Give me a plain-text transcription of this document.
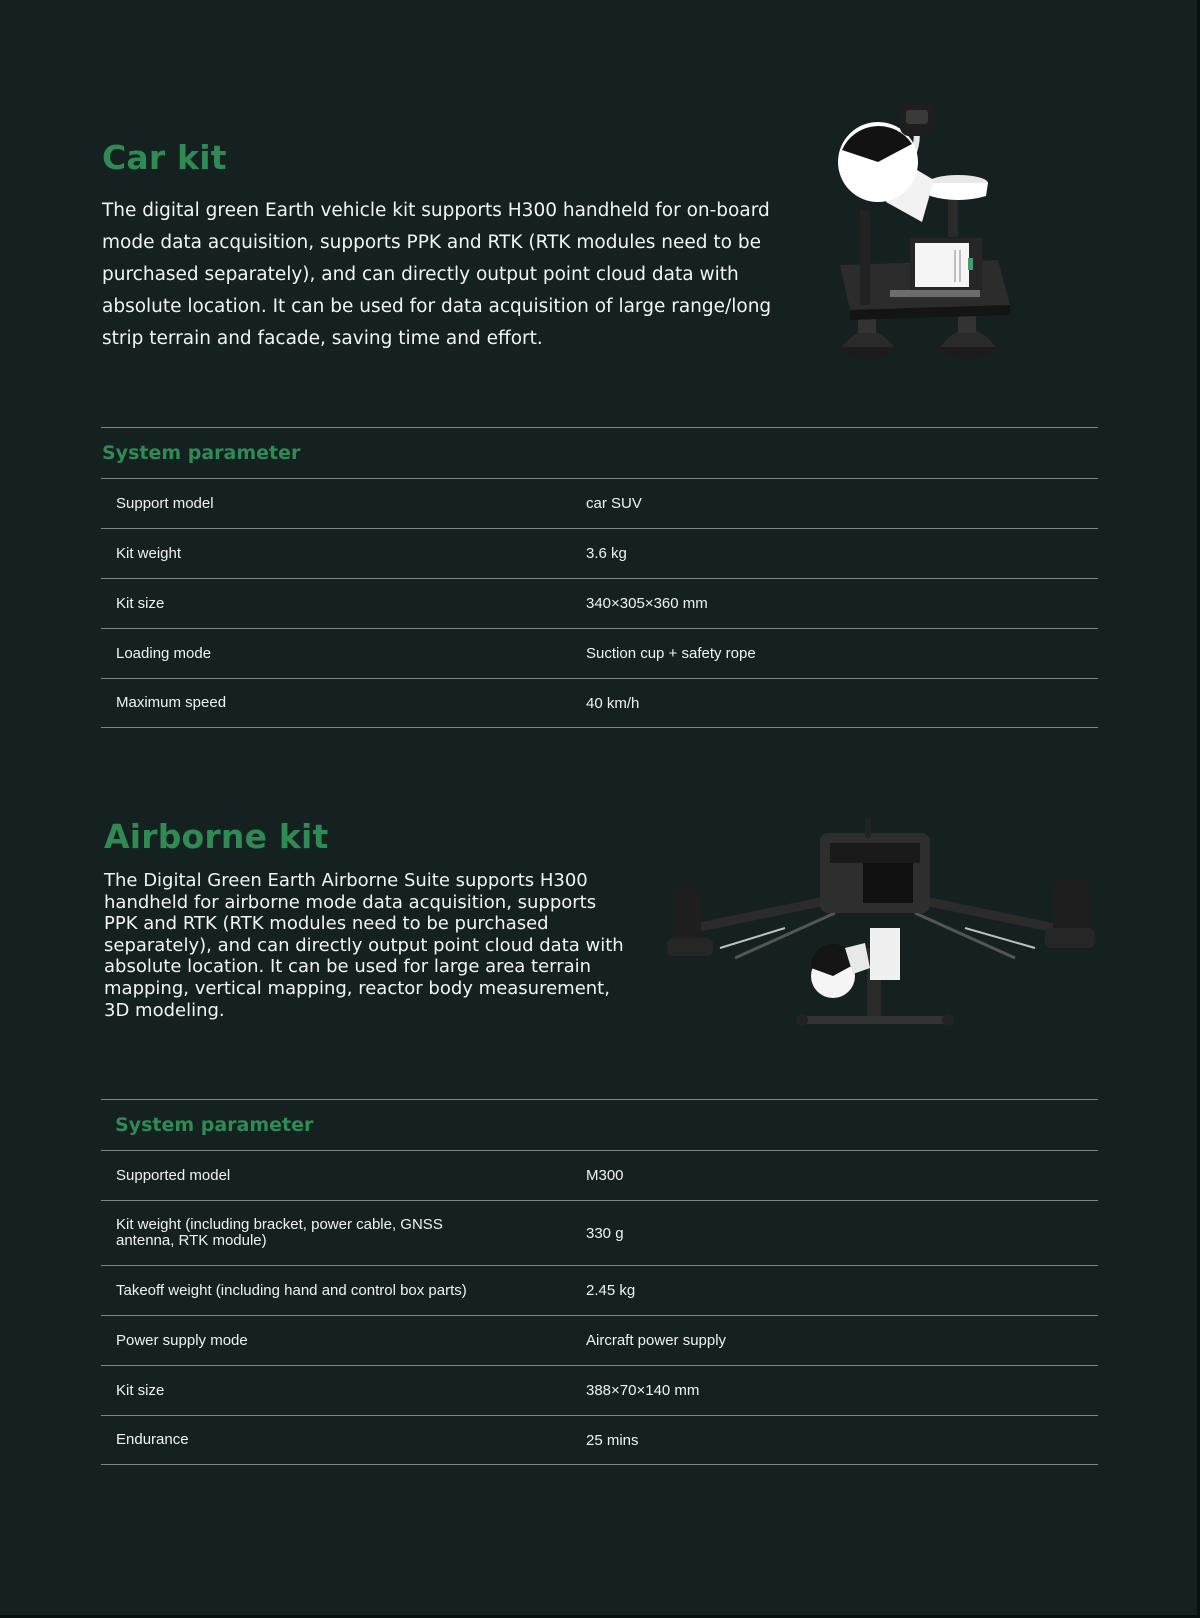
Car kit

The digital green Earth vehicle kit supports H300 handheld for on-board mode data acquisition, supports PPK and RTK (RTK modules need to be purchased separately), and can directly output point cloud data with absolute location. It can be used for data acquisition of large range/long strip terrain and facade, saving time and effort.

System parameter
Support model	car SUV
Kit weight	3.6 kg
Kit size	340×305×360 mm
Loading mode	Suction cup + safety rope
Maximum speed	40 km/h
Airborne kit

The Digital Green Earth Airborne Suite supports H300 handheld for airborne mode data acquisition, supports PPK and RTK (RTK modules need to be purchased separately), and can directly output point cloud data with absolute location. It can be used for large area terrain mapping, vertical mapping, reactor body measurement, 3D modeling.

System parameter
Supported model	M300
Kit weight (including bracket, power cable, GNSS antenna, RTK module)	330 g
Takeoff weight (including hand and control box parts)	2.45 kg
Power supply mode	Aircraft power supply
Kit size	388×70×140 mm
Endurance	25 mins
